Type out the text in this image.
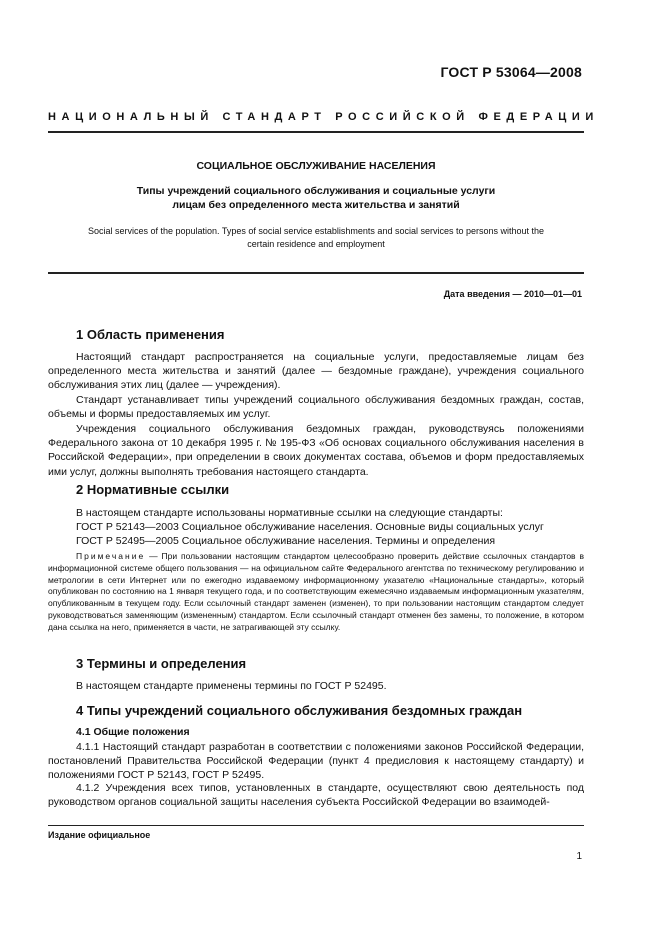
ГОСТ Р 53064—2008
НАЦИОНАЛЬНЫЙ СТАНДАРТ РОССИЙСКОЙ ФЕДЕРАЦИИ
СОЦИАЛЬНОЕ ОБСЛУЖИВАНИЕ НАСЕЛЕНИЯ
Типы учреждений социального обслуживания и социальные услуги
лицам без определенного места жительства и занятий
Social services of the population. Types of social service establishments and social services to persons without the
certain residence and employment
Дата введения — 2010—01—01
1 Область применения

Настоящий стандарт распространяется на социальные услуги, предоставляемые лицам без определенного места жительства и занятий (далее — бездомные граждане), учреждения социального обслуживания этих лиц (далее — учреждения).

Стандарт устанавливает типы учреждений социального обслуживания бездомных граждан, состав, объемы и формы предоставляемых им услуг.

Учреждения социального обслуживания бездомных граждан, руководствуясь положениями Федерального закона от 10 декабря 1995 г. № 195-ФЗ «Об основах социального обслуживания населения в Российской Федерации», при определении в своих документах состава, объемов и форм предоставляемых ими услуг, должны выполнять требования настоящего стандарта.

2 Нормативные ссылки
В настоящем стандарте использованы нормативные ссылки на следующие стандарты:
ГОСТ Р 52143—2003 Социальное обслуживание населения. Основные виды социальных услуг
ГОСТ Р 52495—2005 Социальное обслуживание населения. Термины и определения

Примечание — При пользовании настоящим стандартом целесообразно проверить действие ссылочных стандартов в информационной системе общего пользования — на официальном сайте Федерального агентства по техническому регулированию и метрологии в сети Интернет или по ежегодно издаваемому информационному указателю «Национальные стандарты», который опубликован по состоянию на 1 января текущего года, и по соответствующим ежемесячно издаваемым информационным указателям, опубликованным в текущем году. Если ссылочный стандарт заменен (изменен), то при пользовании настоящим стандартом следует руководствоваться заменяющим (измененным) стандартом. Если ссылочный стандарт отменен без замены, то положение, в котором дана ссылка на него, применяется в части, не затрагивающей эту ссылку.

3 Термины и определения
В настоящем стандарте применены термины по ГОСТ Р 52495.
4 Типы учреждений социального обслуживания бездомных граждан
4.1 Общие положения

4.1.1 Настоящий стандарт разработан в соответствии с положениями законов Российской Федерации, постановлений Правительства Российской Федерации (пункт 4 предисловия к настоящему стандарту) и положениями ГОСТ Р 52143, ГОСТ Р 52495.

4.1.2 Учреждения всех типов, установленных в стандарте, осуществляют свою деятельность под руководством органов социальной защиты населения субъекта Российской Федерации во взаимодей-

Издание официальное
1
